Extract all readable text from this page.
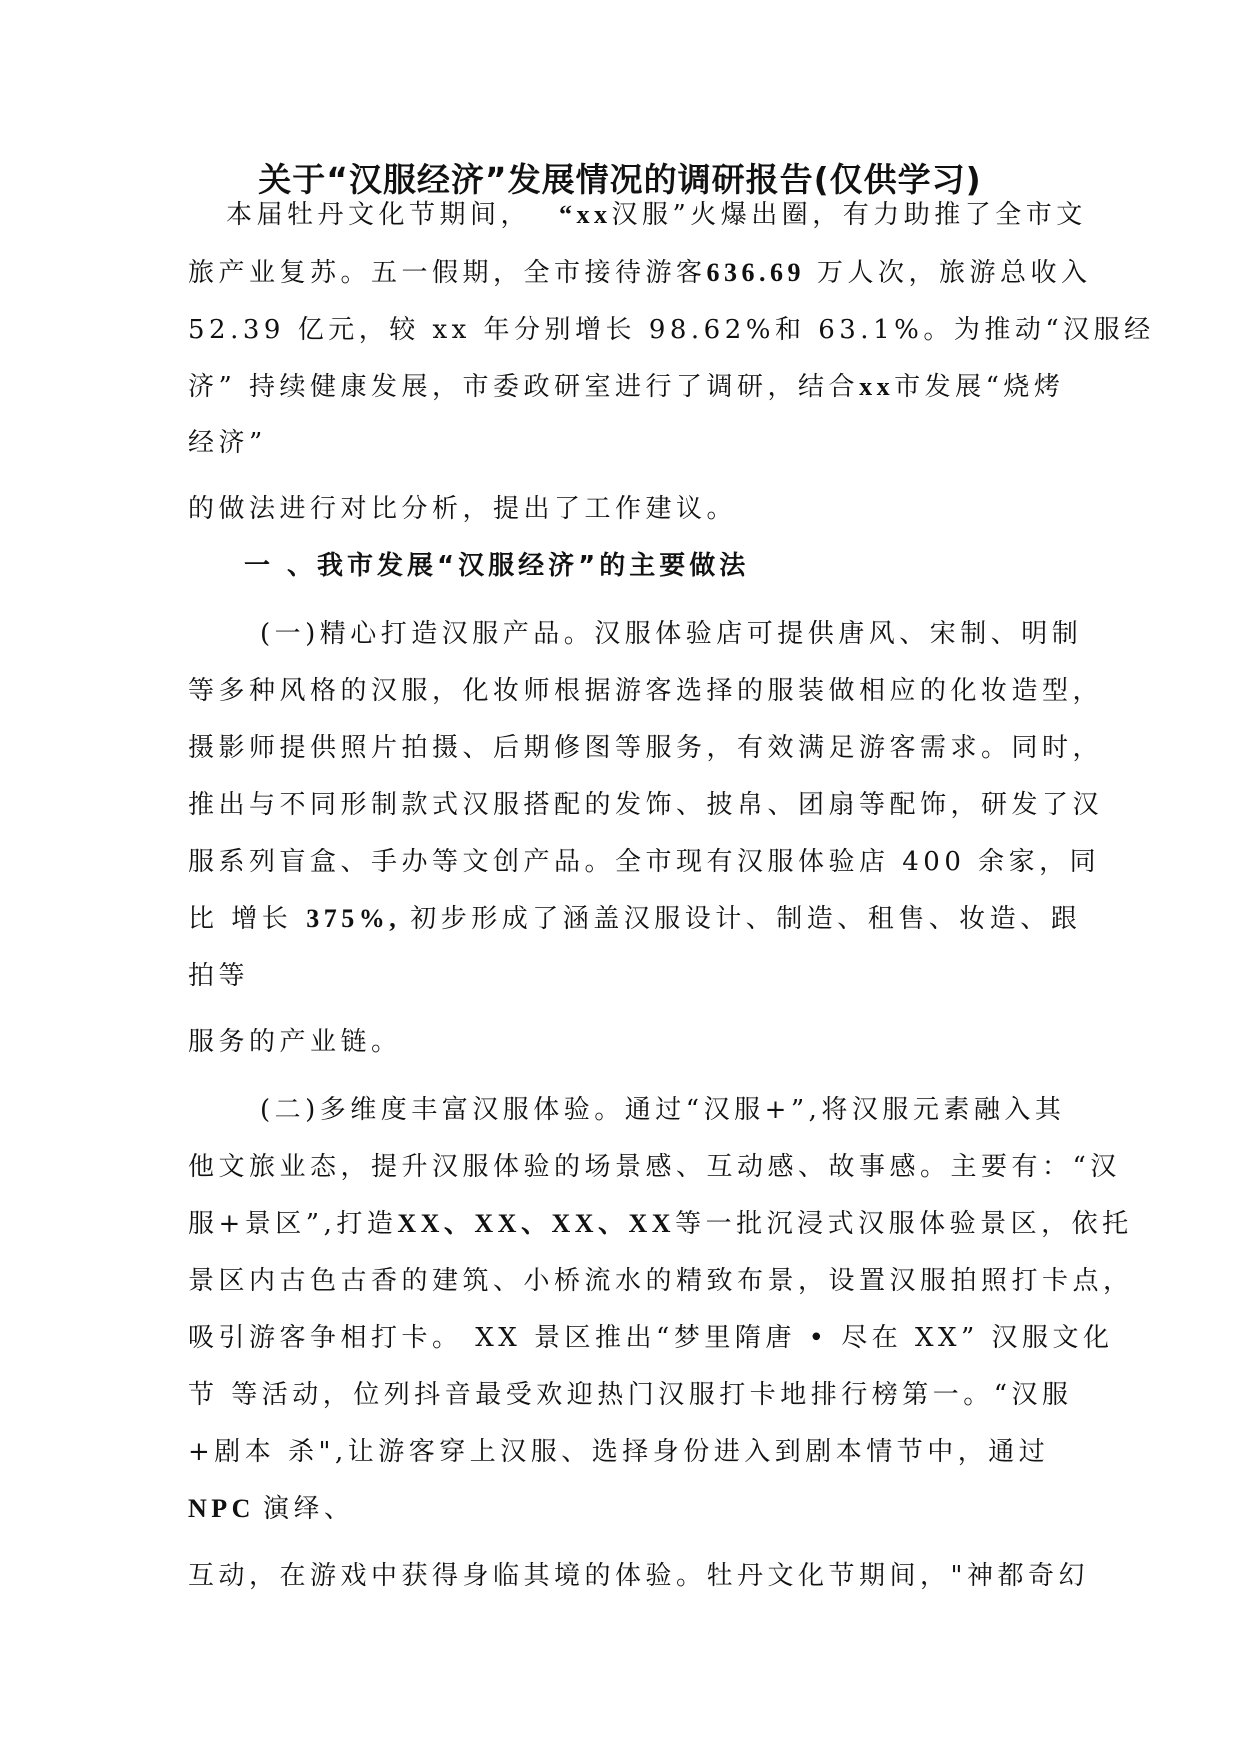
关于“汉服经济”发展情况的调研报告(仅供学习)

本届牡丹文化节期间， “xx汉服”火爆出圈，有力助推了全市文

旅产业复苏。五一假期，全市接待游客636.69 万人次，旅游总收入

52.39 亿元，较 xx 年分别增长 98.62%和 63.1%。为推动“汉服经

济” 持续健康发展，市委政研室进行了调研，结合xx市发展“烧烤

经济”

的做法进行对比分析，提出了工作建议。

一 、我市发展“汉服经济”的主要做法

(一)精心打造汉服产品。汉服体验店可提供唐风、宋制、明制

等多种风格的汉服，化妆师根据游客选择的服装做相应的化妆造型，

摄影师提供照片拍摄、后期修图等服务，有效满足游客需求。同时，

推出与不同形制款式汉服搭配的发饰、披帛、团扇等配饰，研发了汉

服系列盲盒、手办等文创产品。全市现有汉服体验店 400 余家，同

比 增长 375%, 初步形成了涵盖汉服设计、制造、租售、妆造、跟

拍等

服务的产业链。

(二)多维度丰富汉服体验。通过“汉服+”,将汉服元素融入其

他文旅业态，提升汉服体验的场景感、互动感、故事感。主要有：“汉

服+景区”,打造XX、XX、XX、XX等一批沉浸式汉服体验景区，依托

景区内古色古香的建筑、小桥流水的精致布景，设置汉服拍照打卡点，

吸引游客争相打卡。 XX 景区推出“梦里隋唐 • 尽在 XX” 汉服文化

节 等活动，位列抖音最受欢迎热门汉服打卡地排行榜第一。“汉服

+剧本 杀",让游客穿上汉服、选择身份进入到剧本情节中，通过

NPC 演绎、

互动，在游戏中获得身临其境的体验。牡丹文化节期间，"神都奇幻
